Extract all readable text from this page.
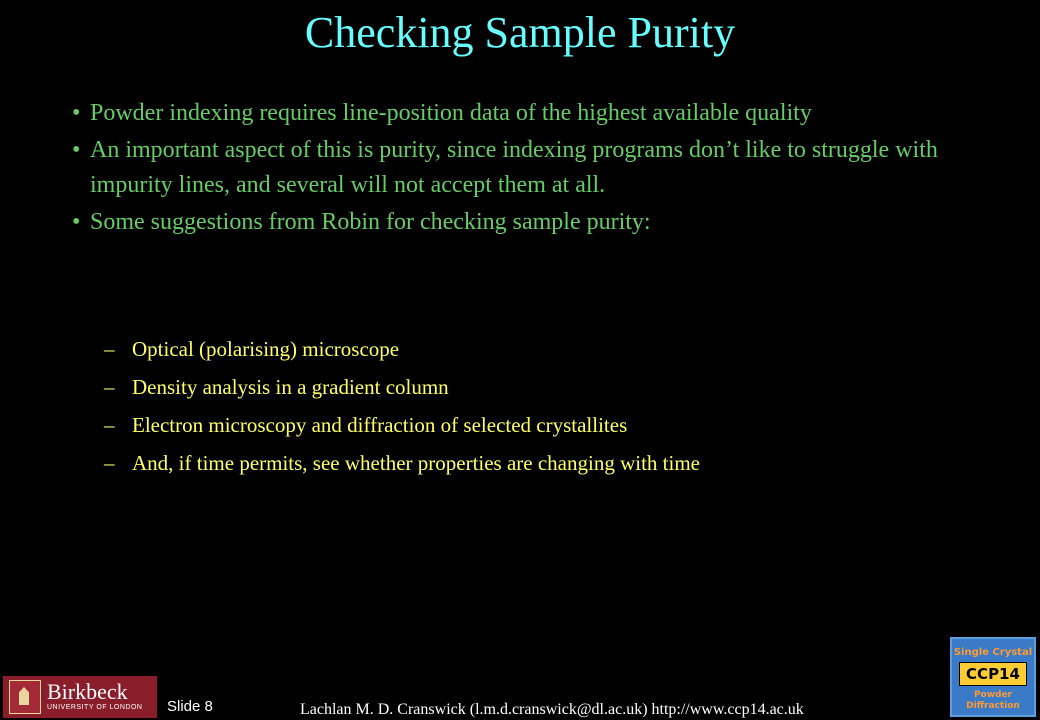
Checking Sample Purity
• Powder indexing requires line-position data of the highest available quality
• An important aspect of this is purity, since indexing programs don’t like to struggle with impurity lines, and several will not accept them at all.
• Some suggestions from Robin for checking sample purity:
– Optical (polarising) microscope
– Density analysis in a gradient column
– Electron microscopy and diffraction of selected crystallites
– And, if time permits, see whether properties are changing with time
Birkbeck
UNIVERSITY OF LONDON Slide 8	Lachlan M. D. Cranswick (l.m.d.cranswick@dl.ac.uk) http://www.ccp14.ac.uk
Single Crystal
CCP14
Powder Diffraction
